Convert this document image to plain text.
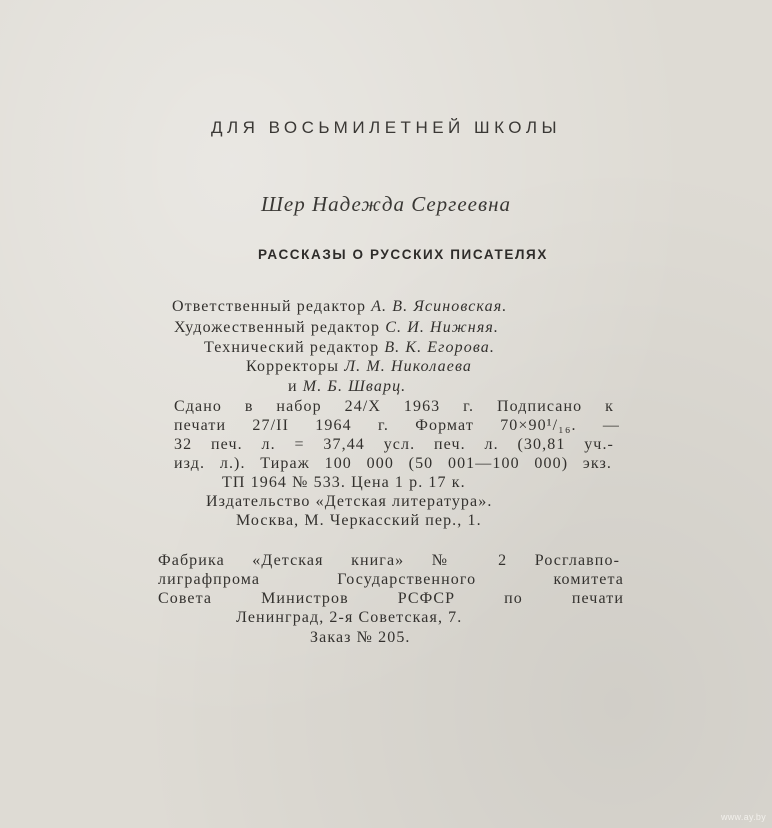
ДЛЯ ВОСЬМИЛЕТНЕЙ ШКОЛЫ
Шер Надежда Сергеевна
РАССКАЗЫ О РУССКИХ ПИСАТЕЛЯХ
Ответственный редактор А. В. Ясиновская.
Художественный редактор С. И. Нижняя.
Технический редактор В. К. Егорова.
Корректоры Л. М. Николаева
и М. Б. Шварц.
Сдано в набор 24/X 1963 г. Подписано к
печати 27/II 1964 г. Формат 70×90¹/₁₆. —
32 печ. л. = 37,44 усл. печ. л. (30,81 уч.-
изд. л.). Тираж 100 000 (50 001—100 000) экз.
ТП 1964 № 533. Цена 1 р. 17 к.
Издательство «Детская литература».
Москва, М. Черкасский пер., 1.
Фабрика «Детская книга» № 2 Росглавпо-
лиграфпрома Государственного комитета
Совета Министров РСФСР по печати
Ленинград, 2-я Советская, 7.
Заказ № 205.
www.ay.by
